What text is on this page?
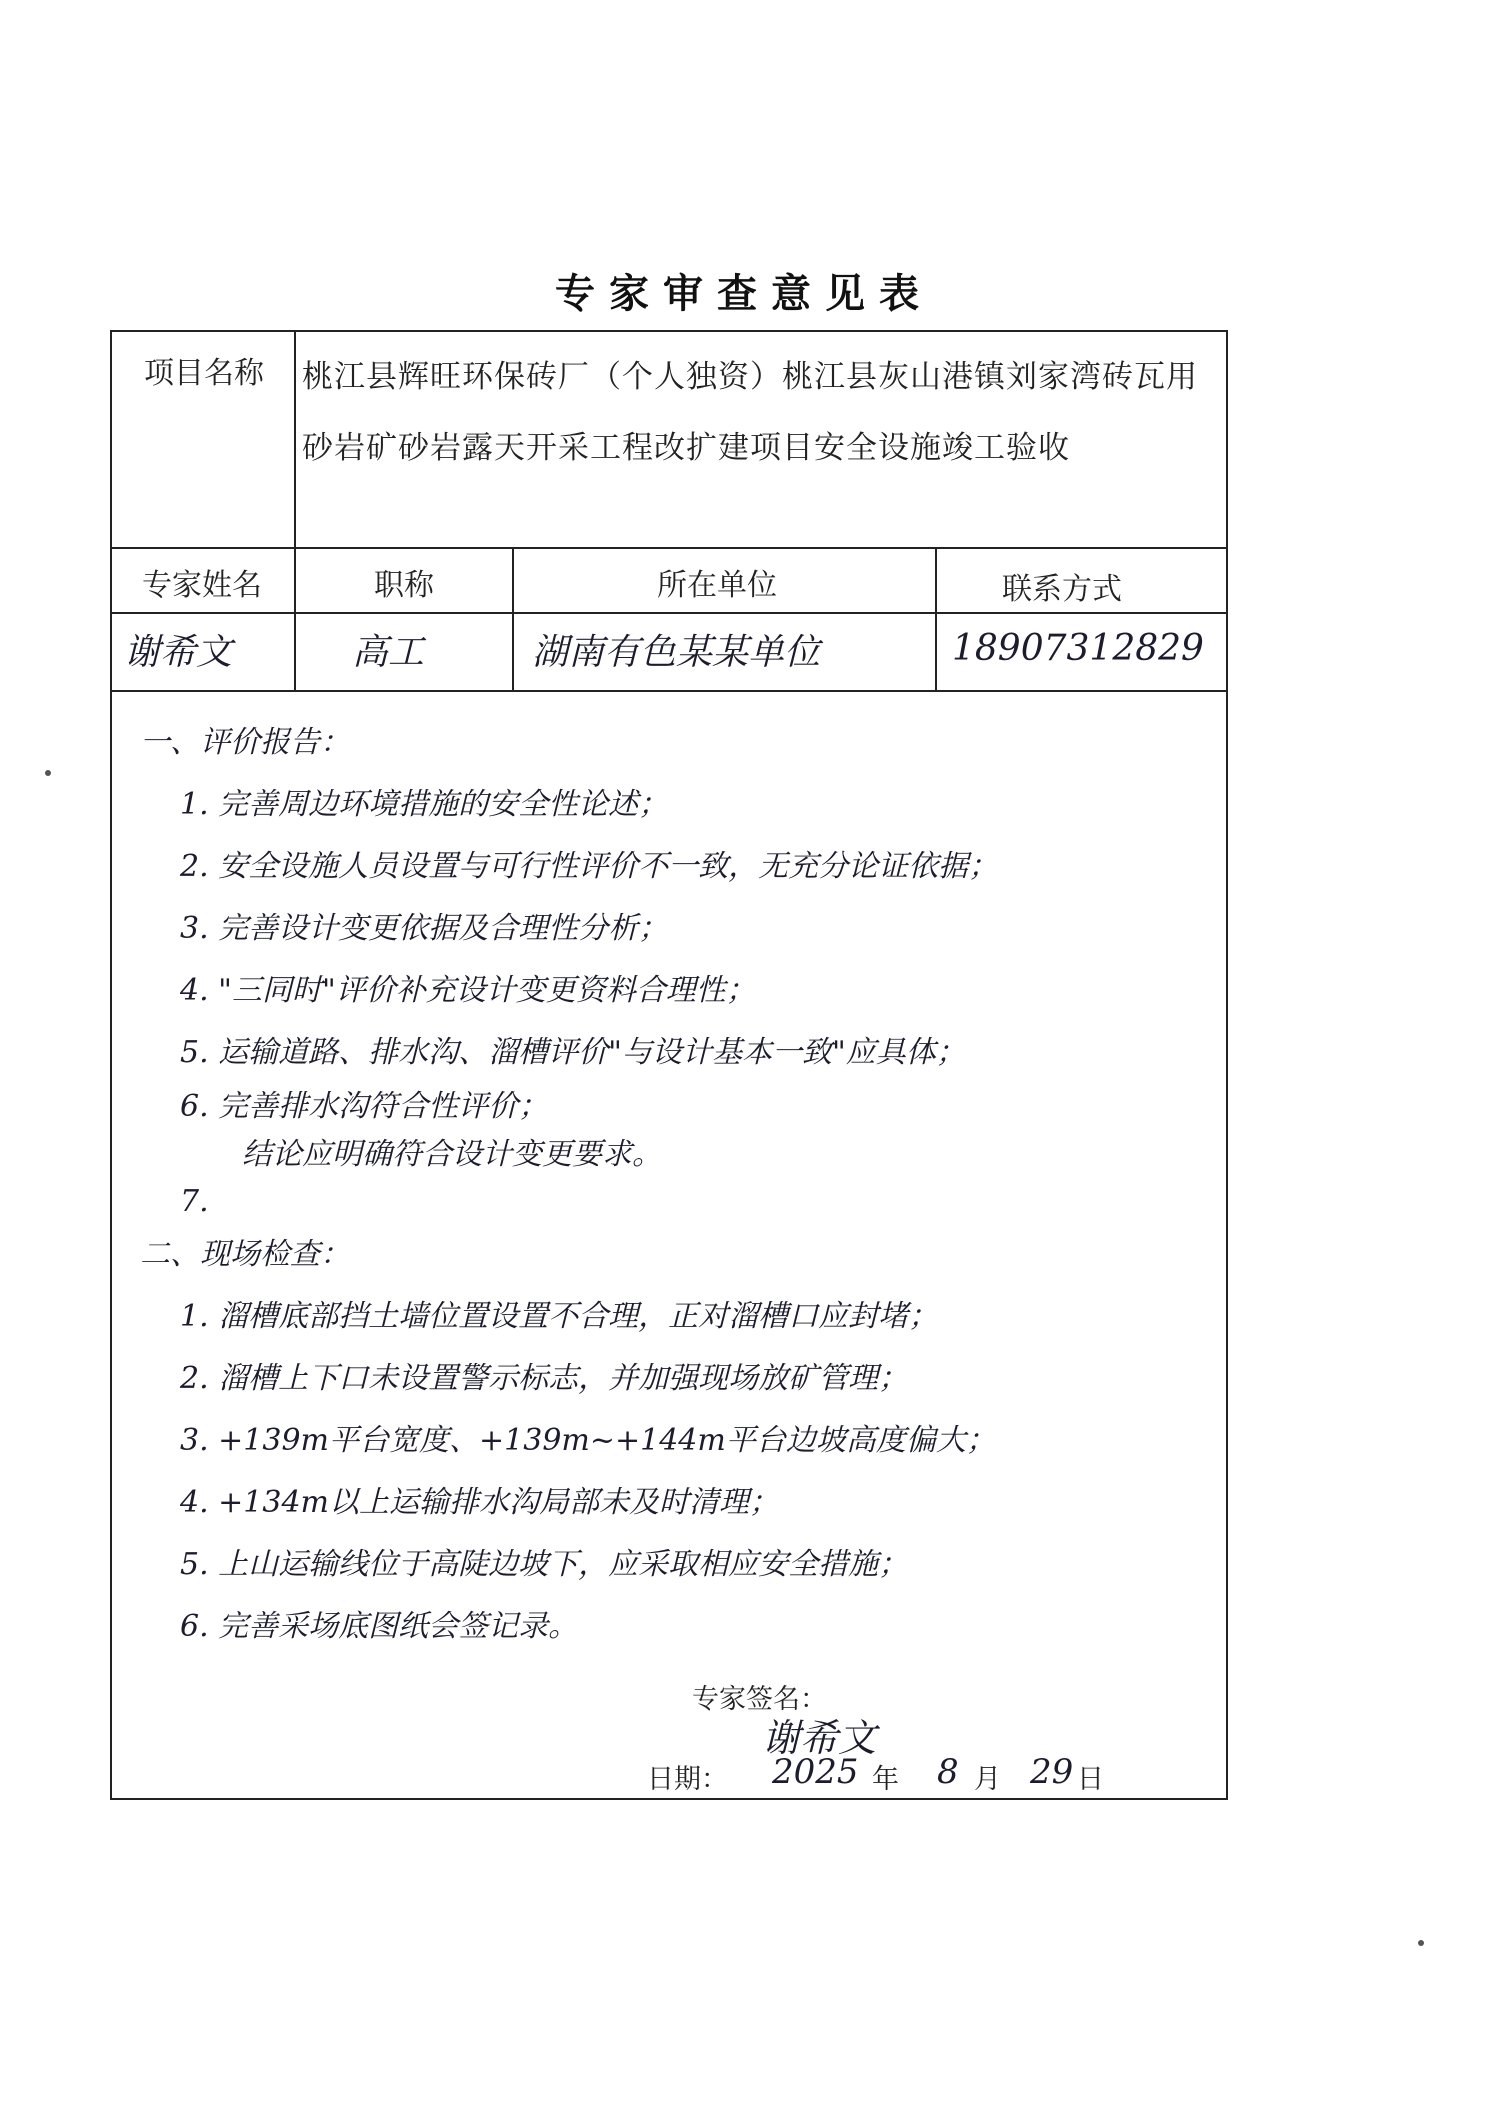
专家审查意见表
项目名称 桃江县辉旺环保砖厂（个人独资）桃江县灰山港镇刘家湾砖瓦用砂岩矿砂岩露天开采工程改扩建项目安全设施竣工验收
专家姓名	职称	所在单位	联系方式
谢希文	高工	湖南有色某某单位	18907312829
一、评价报告：
1. 完善周边环境措施的安全性论述；
2. 安全设施人员设置与可行性评价不一致，无充分论证依据；
3. 完善设计变更依据及合理性分析；
4. "三同时"评价补充设计变更资料合理性；
5. 运输道路、排水沟、溜槽评价"与设计基本一致"应具体；
6. 完善排水沟符合性评价；
结论应明确符合设计变更要求。
7.
二、现场检查：
1. 溜槽底部挡土墙位置设置不合理，正对溜槽口应封堵；
2. 溜槽上下口未设置警示标志，并加强现场放矿管理；
3. +139m平台宽度、+139m~+144m平台边坡高度偏大；
4. +134m以上运输排水沟局部未及时清理；
5. 上山运输线位于高陡边坡下，应采取相应安全措施；
6. 完善采场底图纸会签记录。
专家签名：
谢希文
日期： 2025 年 8 月 29 日
